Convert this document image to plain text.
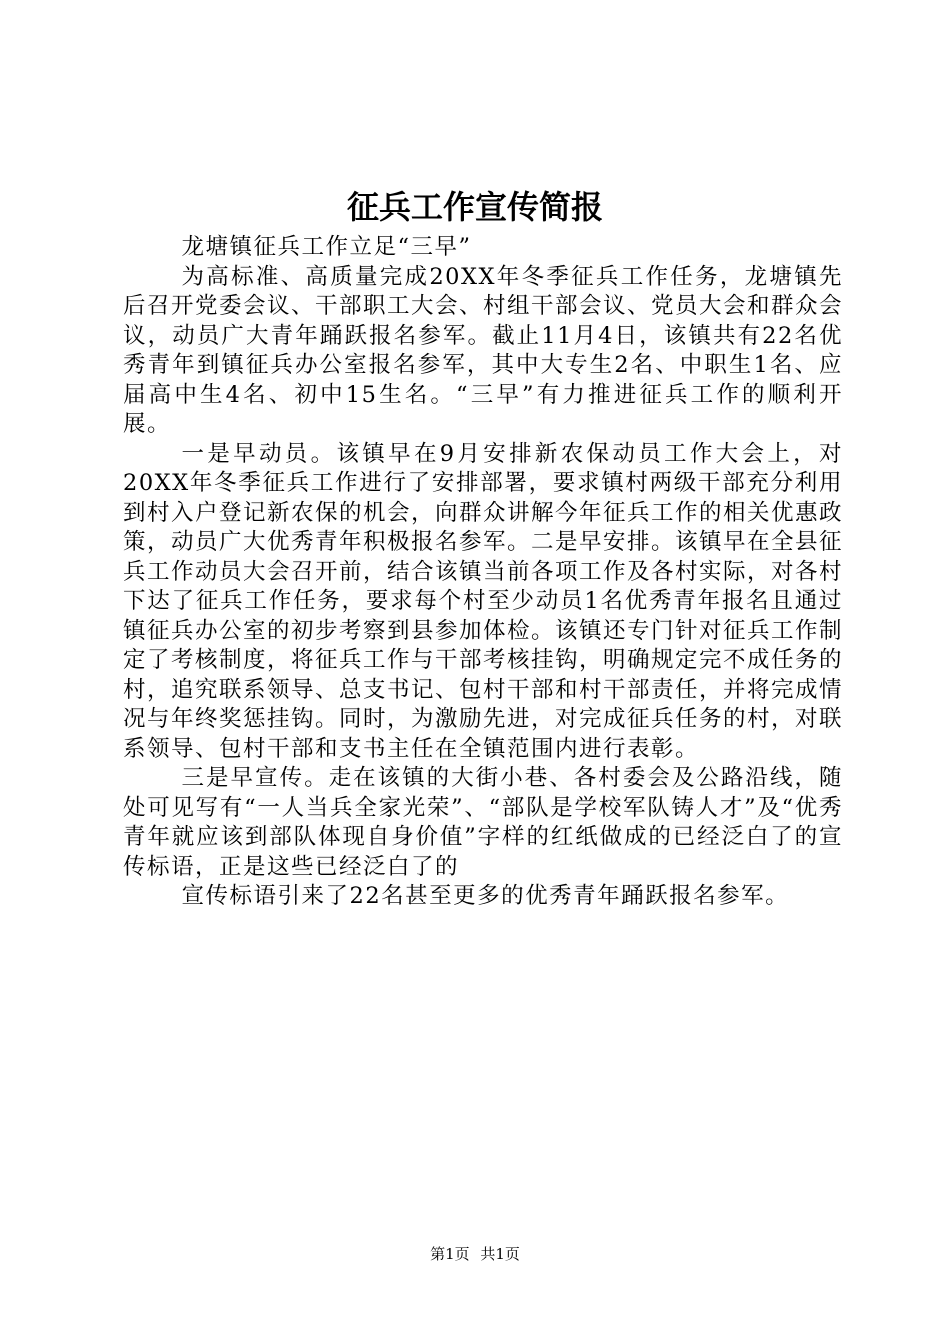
征兵工作宣传简报

龙塘镇征兵工作立足“三早”

为高标准、高质量完成20XX年冬季征兵工作任务，龙塘镇先后召开党委会议、干部职工大会、村组干部会议、党员大会和群众会议，动员广大青年踊跃报名参军。截止11月4日，该镇共有22名优秀青年到镇征兵办公室报名参军，其中大专生2名、中职生1名、应届高中生4名、初中15生名。“三早”有力推进征兵工作的顺利开展。

一是早动员。该镇早在9月安排新农保动员工作大会上，对20XX年冬季征兵工作进行了安排部署，要求镇村两级干部充分利用到村入户登记新农保的机会，向群众讲解今年征兵工作的相关优惠政策，动员广大优秀青年积极报名参军。二是早安排。该镇早在全县征兵工作动员大会召开前，结合该镇当前各项工作及各村实际，对各村下达了征兵工作任务，要求每个村至少动员1名优秀青年报名且通过镇征兵办公室的初步考察到县参加体检。该镇还专门针对征兵工作制定了考核制度，将征兵工作与干部考核挂钩，明确规定完不成任务的村，追究联系领导、总支书记、包村干部和村干部责任，并将完成情况与年终奖惩挂钩。同时，为激励先进，对完成征兵任务的村，对联系领导、包村干部和支书主任在全镇范围内进行表彰。

三是早宣传。走在该镇的大街小巷、各村委会及公路沿线，随处可见写有“一人当兵全家光荣”、“部队是学校军队铸人才”及“优秀青年就应该到部队体现自身价值”字样的红纸做成的已经泛白了的宣传标语，正是这些已经泛白了的

宣传标语引来了22名甚至更多的优秀青年踊跃报名参军。

第1页 共1页
